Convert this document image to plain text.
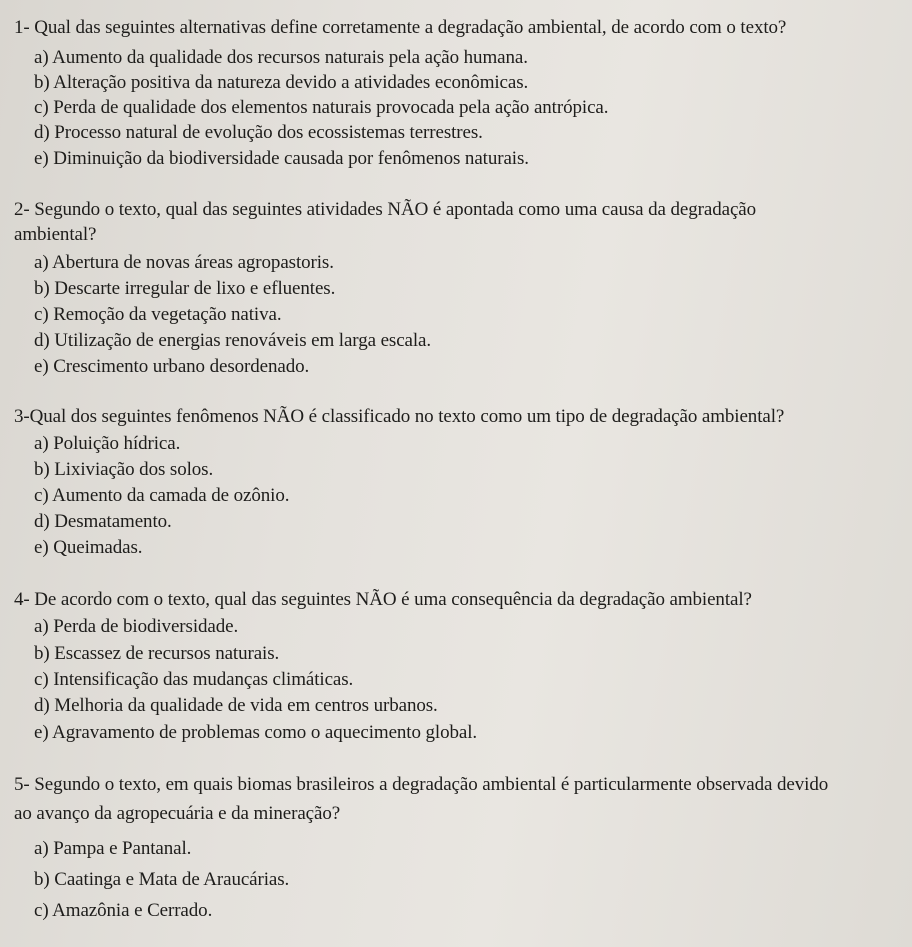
1- Qual das seguintes alternativas define corretamente a degradação ambiental, de acordo com o texto?
a) Aumento da qualidade dos recursos naturais pela ação humana.
b) Alteração positiva da natureza devido a atividades econômicas.
c) Perda de qualidade dos elementos naturais provocada pela ação antrópica.
d) Processo natural de evolução dos ecossistemas terrestres.
e) Diminuição da biodiversidade causada por fenômenos naturais.
2- Segundo o texto, qual das seguintes atividades NÃO é apontada como uma causa da degradação
ambiental?
a) Abertura de novas áreas agropastoris.
b) Descarte irregular de lixo e efluentes.
c) Remoção da vegetação nativa.
d) Utilização de energias renováveis em larga escala.
e) Crescimento urbano desordenado.
3-Qual dos seguintes fenômenos NÃO é classificado no texto como um tipo de degradação ambiental?
a) Poluição hídrica.
b) Lixiviação dos solos.
c) Aumento da camada de ozônio.
d) Desmatamento.
e) Queimadas.
4- De acordo com o texto, qual das seguintes NÃO é uma consequência da degradação ambiental?
a) Perda de biodiversidade.
b) Escassez de recursos naturais.
c) Intensificação das mudanças climáticas.
d) Melhoria da qualidade de vida em centros urbanos.
e) Agravamento de problemas como o aquecimento global.
5- Segundo o texto, em quais biomas brasileiros a degradação ambiental é particularmente observada devido
ao avanço da agropecuária e da mineração?
a) Pampa e Pantanal.
b) Caatinga e Mata de Araucárias.
c) Amazônia e Cerrado.
